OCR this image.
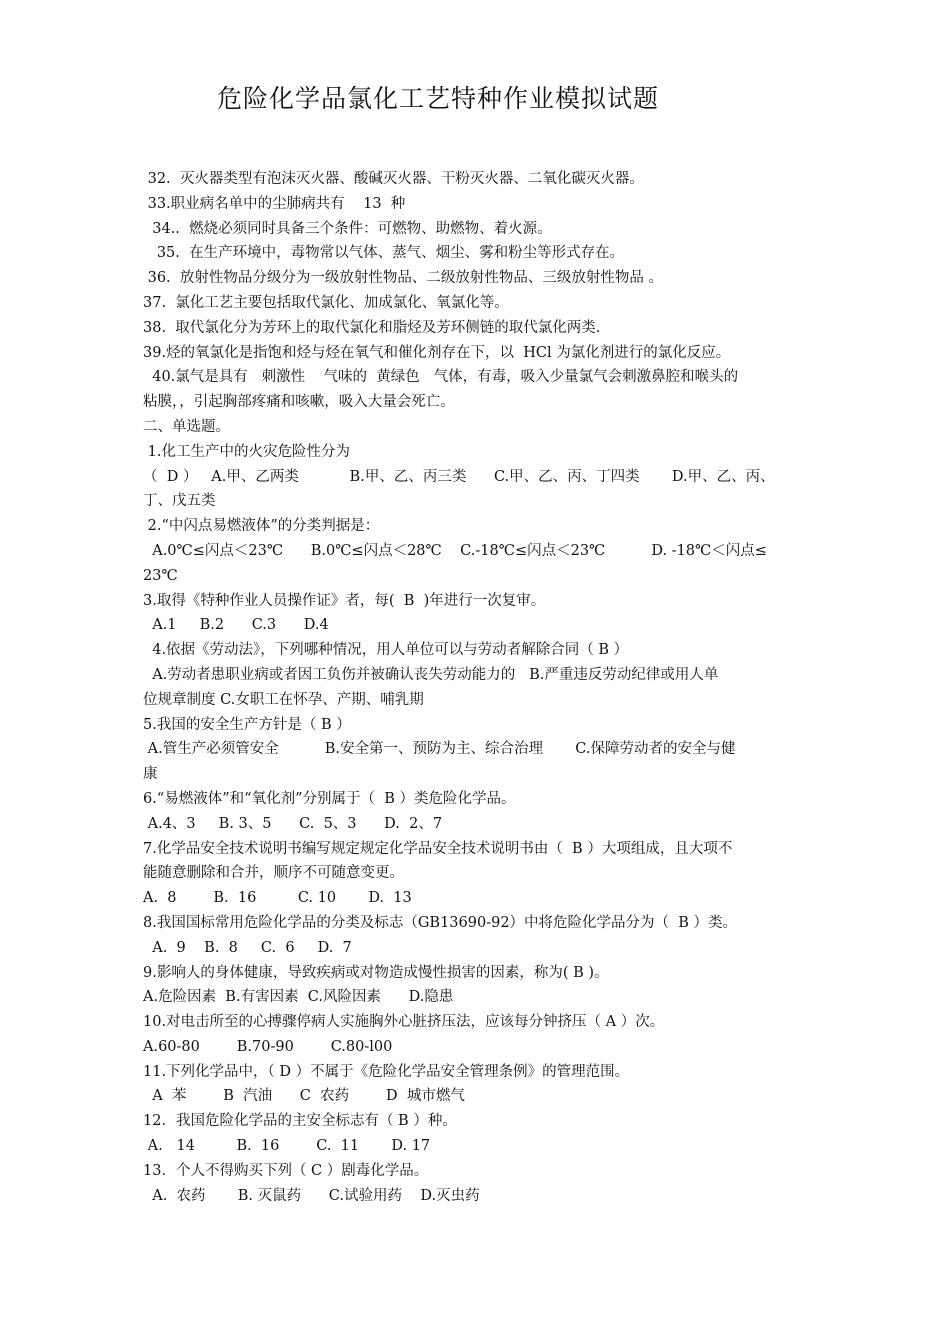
危险化学品氯化工艺特种作业模拟试题
32.  灭火器类型有泡沫灭火器、酸碱灭火器、干粉灭火器、二氧化碳灭火器。
33.职业病名单中的尘肺病共有    13  种
34..  燃烧必须同时具备三个条件：可燃物、助燃物、着火源。
35.  在生产环境中，毒物常以气体、蒸气、烟尘、雾和粉尘等形式存在。
36.  放射性物品分级分为一级放射性物品、二级放射性物品、三级放射性物品 。
37.  氯化工艺主要包括取代氯化、加成氯化、氧氯化等。
38.  取代氯化分为芳环上的取代氯化和脂烃及芳环侧链的取代氯化两类.
39.烃的氧氯化是指饱和烃与烃在氧气和催化剂存在下，以  HCl 为氯化剂进行的氯化反应。
40.氯气是具有   刺激性    气味的  黄绿色   气体，有毒，吸入少量氯气会刺激鼻腔和喉头的
粘膜，，引起胸部疼痛和咳嗽，吸入大量会死亡。
二、单选题。
1.化工生产中的火灾危险性分为
（  D ）   A.甲、乙两类           B.甲、乙、丙三类      C.甲、乙、丙、丁四类       D.甲、乙、丙、
丁、戊五类
2.“中闪点易燃液体”的分类判据是：
A.0℃≤闪点＜23℃      B.0℃≤闪点＜28℃    C.-18℃≤闪点＜23℃          D. -18℃＜闪点≤
23℃
3.取得《特种作业人员操作证》者，每(  B  )年进行一次复审。
A.1     B.2      C.3      D.4
4.依据《劳动法》，下列哪种情况，用人单位可以与劳动者解除合同（ B ）
A.劳动者患职业病或者因工负伤并被确认丧失劳动能力的   B.严重违反劳动纪律或用人单
位规章制度 C.女职工在怀孕、产期、哺乳期
5.我国的安全生产方针是（ B ）
A.管生产必须管安全          B.安全第一、预防为主、综合治理       C.保障劳动者的安全与健
康
6.“易燃液体”和“氧化剂”分别属于（  B ）类危险化学品。
A.4、3     B. 3、5      C.  5、3      D.  2、7
7.化学品安全技术说明书编写规定规定化学品安全技术说明书由（  B ）大项组成，且大项不
能随意删除和合并，顺序不可随意变更。
A.  8        B.  16         C. 10       D.  13
8.我国国标常用危险化学品的分类及标志（GB13690-92）中将危险化学品分为（  B ）类。
A.  9    B.  8     C.  6     D.  7
9.影响人的身体健康，导致疾病或对物造成慢性损害的因素，称为( B )。
A.危险因素  B.有害因素  C.风险因素      D.隐患
10.对电击所至的心搏骤停病人实施胸外心脏挤压法，应该每分钟挤压（ A ）次。
A.60-80        B.70-90        C.80-l00
11.下列化学品中，（ D ）不属于《危险化学品安全管理条例》的管理范围。
A  苯        B  汽油      C  农药        D  城市燃气
12．我国危险化学品的主安全标志有（ B ）种。
A.   14         B.  16        C.  11       D. 17
13．个人不得购买下列（ C ）剧毒化学品。
A.  农药       B. 灭鼠药      C.试验用药    D.灭虫药
